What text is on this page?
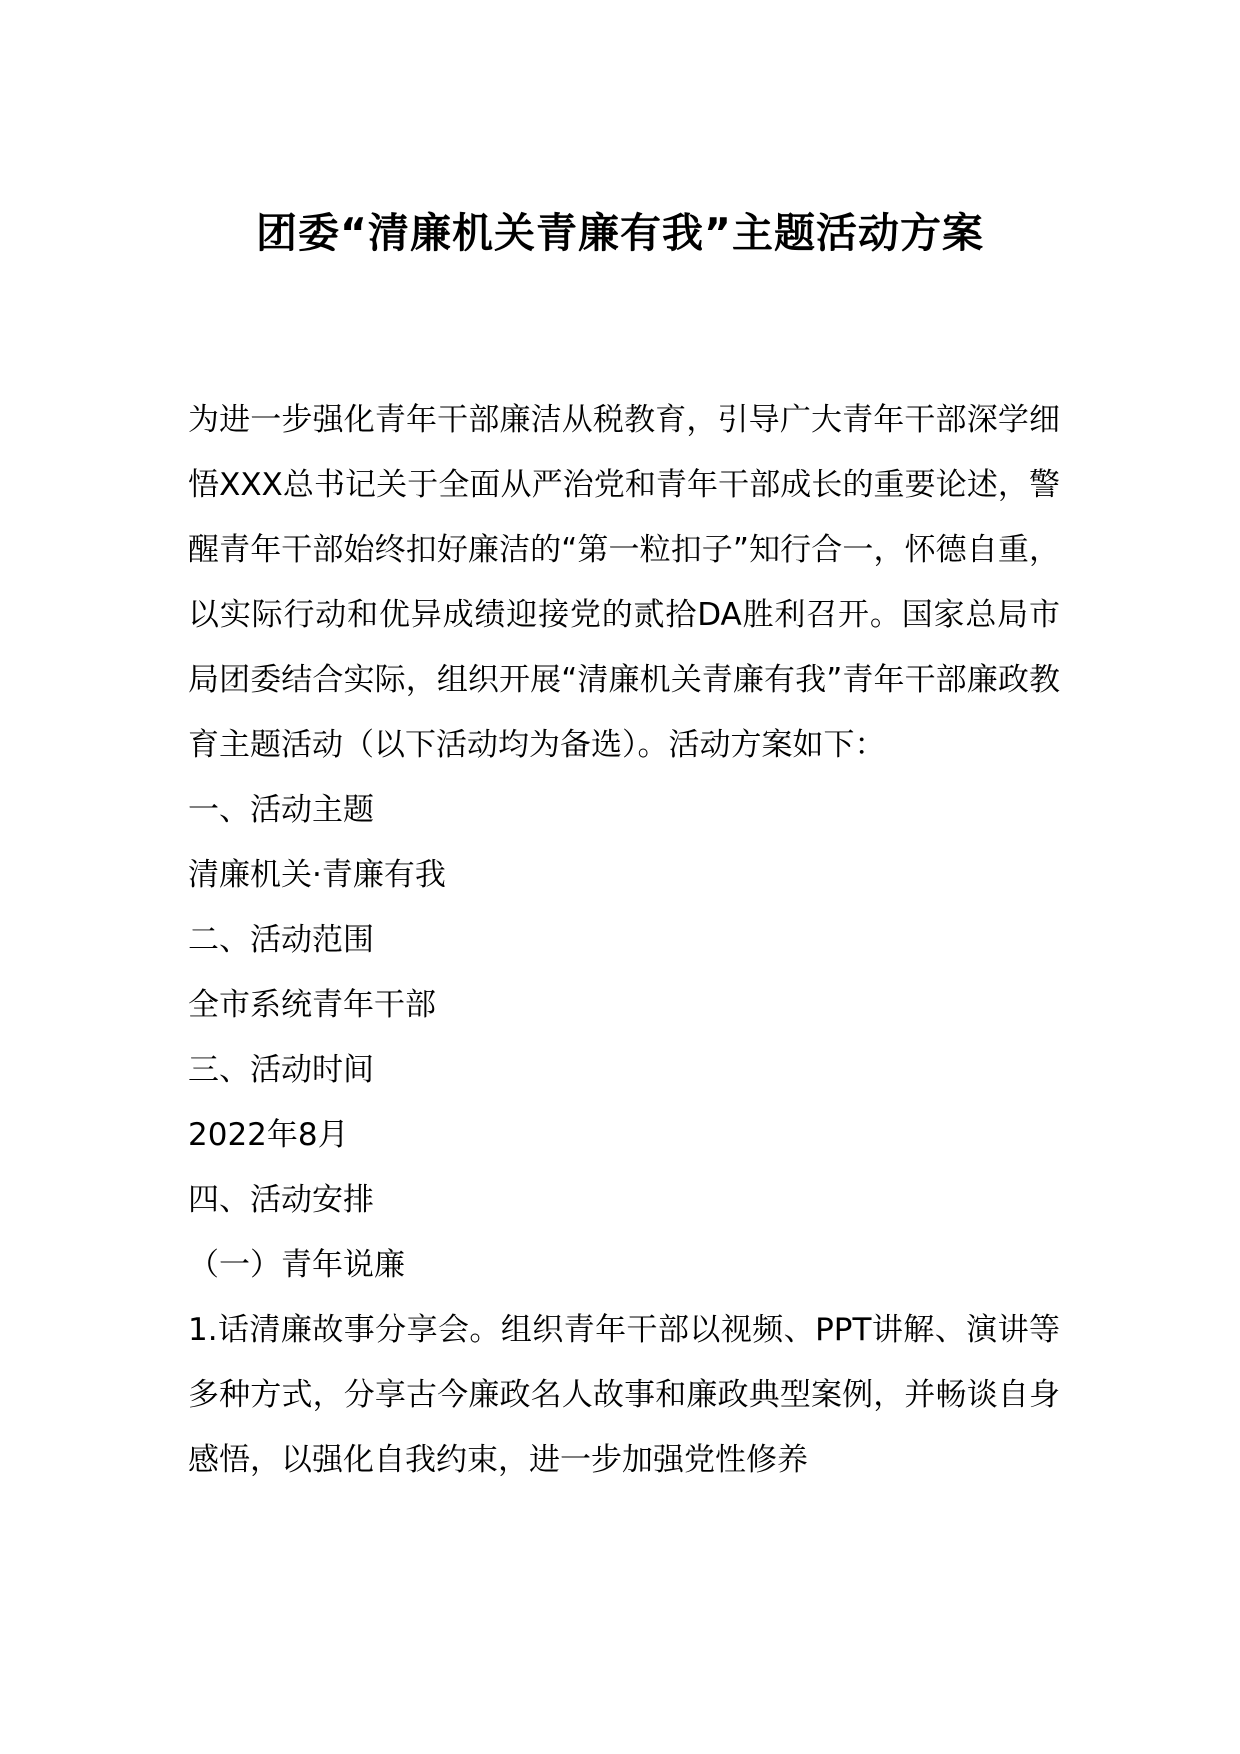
团委“清廉机关青廉有我”主题活动方案

为进一步强化青年干部廉洁从税教育，引导广大青年干部深学细悟XXX总书记关于全面从严治党和青年干部成长的重要论述，警醒青年干部始终扣好廉洁的“第一粒扣子”知行合一，怀德自重，以实际行动和优异成绩迎接党的贰拾DA胜利召开。国家总局市局团委结合实际，组织开展“清廉机关青廉有我”青年干部廉政教育主题活动（以下活动均为备选）。活动方案如下：

一、活动主题

清廉机关·青廉有我

二、活动范围

全市系统青年干部

三、活动时间

2022年8月

四、活动安排

（一）青年说廉

1.话清廉故事分享会。组织青年干部以视频、PPT讲解、演讲等多种方式，分享古今廉政名人故事和廉政典型案例，并畅谈自身感悟，以强化自我约束，进一步加强党性修养
